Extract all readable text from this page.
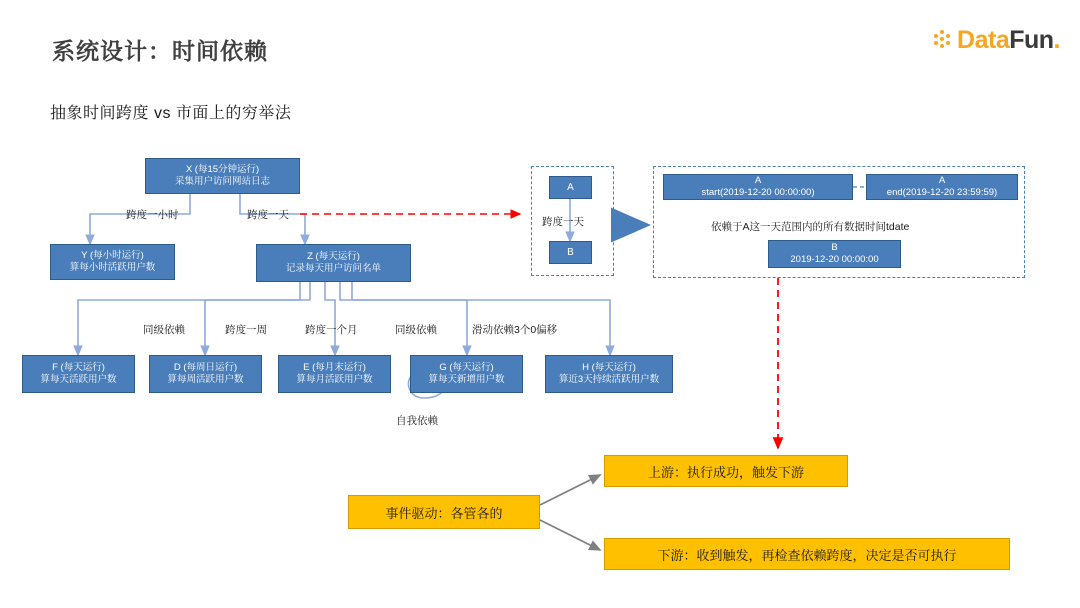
系统设计：时间依赖
抽象时间跨度 vs 市面上的穷举法
DataFun.
X (每15分钟运行)
采集用户访问网站日志
Y (每小时运行)
算每小时活跃用户数
Z (每天运行)
记录每天用户访问名单
F (每天运行)
算每天活跃用户数
D (每周日运行)
算每周活跃用户数
E (每月末运行)
算每月活跃用户数
G (每天运行)
算每天新增用户数
H (每天运行)
算近3天持续活跃用户数
跨度一小时	跨度一天
同级依赖	跨度一周	跨度一个月	同级依赖	滑动依赖3个0偏移
自我依赖
A
B
跨度一天
A
start(2019-12-20 00:00:00)
A
end(2019-12-20 23:59:59)
依赖于A这一天范围内的所有数据时间tdate
B
2019-12-20 00:00:00
事件驱动：各管各的
上游：执行成功，触发下游
下游：收到触发，再检查依赖跨度，决定是否可执行
